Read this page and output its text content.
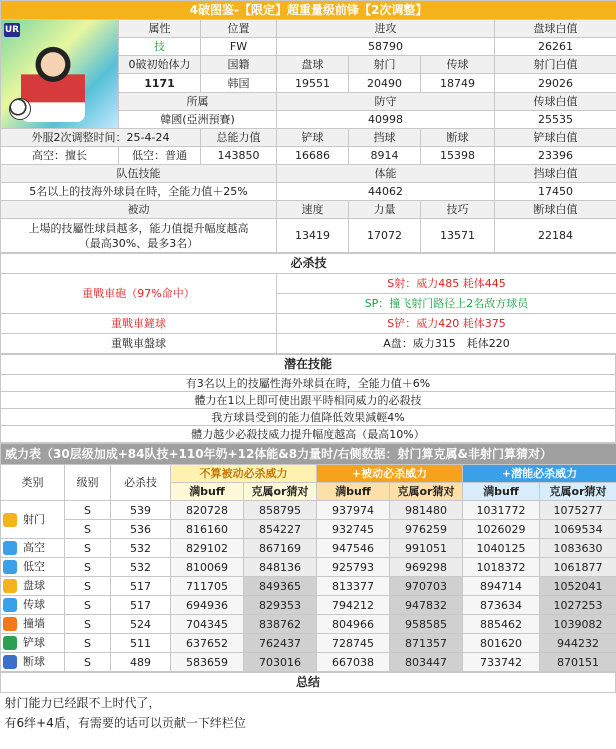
4破图鉴-【限定】超重量级前锋【2次调整】						

UR	属性	位置	进攻			盘球白值
	技	FW	58790			26261
	0破初始体力	国籍	盘球	射门	传球	射门白值
	1171	韩国	19551	20490	18749	29026
	所属		防守			传球白值
	韓國(亞洲預賽)		40998			25535
外服2次调整时间：25-4-24		总能力值	铲球	挡球	断球	铲球白值
高空：擅长	低空：普通	143850	16686	8914	15398	23396
队伍技能			体能			挡球白值
5名以上的技海外球員在時，全能力值＋25%			44062			17450
被动			速度	力量	技巧	断球白值

上場的技屬性球員越多，能力值提升幅度越高
（最高30%、最多3名）			13419	17072	13571	22184
必杀技	
重戰車砲（97%命中）	S射：威力485 耗体445
	SP：撞飞射门路径上2名敌方球员
重戰車鏟球	S铲：威力420 耗体375
重戰車盤球	A盘：威力315　耗体220
潜在技能
有3名以上的技屬性海外球員在時，全能力值＋6%
體力在1以上即可使出跟平時相同威力的必殺技
我方球員受到的能力值降低效果減輕4%
體力越少必殺技威力提升幅度越高（最高10%）
威力表（30层级加成+84队技+110年奶+12体能&8力量时/右侧数据：射门算克属&非射门算猜对）								
类别	级别	必杀技	不算被动必杀威力		+被动必杀威力		+潜能必杀威力	
			满buff	克属or猜对	满buff	克属or猜对	满buff	克属or猜对
射门	S	539	820728	858795	937974	981480	1031772	1075277
	S	536	816160	854227	932745	976259	1026029	1069534
高空	S	532	829102	867169	947546	991051	1040125	1083630
低空	S	532	810069	848136	925793	969298	1018372	1061877
盘球	S	517	711705	849365	813377	970703	894714	1052041
传球	S	517	694936	829353	794212	947832	873634	1027253
撞墙	S	524	704345	838762	804966	958585	885462	1039082
铲球	S	511	637652	762437	728745	871357	801620	944232
断球	S	489	583659	703016	667038	803447	733742	870151
总结
射门能力已经跟不上时代了，
有6绊+4盾，有需要的话可以贡献一下绊栏位
